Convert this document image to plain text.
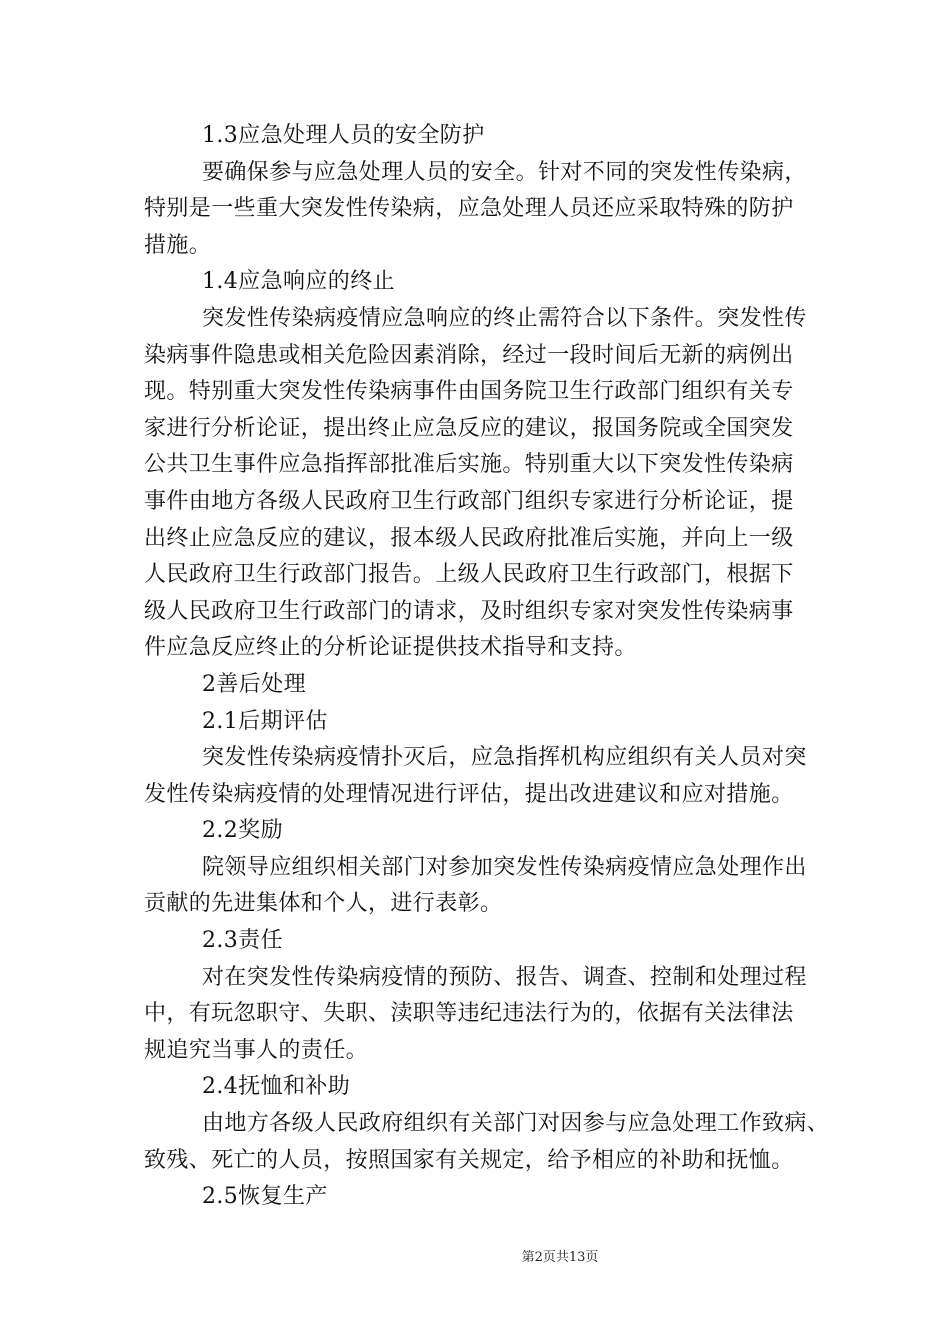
1.3应急处理人员的安全防护
要确保参与应急处理人员的安全。针对不同的突发性传染病，
特别是一些重大突发性传染病，应急处理人员还应采取特殊的防护
措施。
1.4应急响应的终止
突发性传染病疫情应急响应的终止需符合以下条件。突发性传
染病事件隐患或相关危险因素消除，经过一段时间后无新的病例出
现。特别重大突发性传染病事件由国务院卫生行政部门组织有关专
家进行分析论证，提出终止应急反应的建议，报国务院或全国突发
公共卫生事件应急指挥部批准后实施。特别重大以下突发性传染病
事件由地方各级人民政府卫生行政部门组织专家进行分析论证，提
出终止应急反应的建议，报本级人民政府批准后实施，并向上一级
人民政府卫生行政部门报告。上级人民政府卫生行政部门，根据下
级人民政府卫生行政部门的请求，及时组织专家对突发性传染病事
件应急反应终止的分析论证提供技术指导和支持。
2善后处理
2.1后期评估
突发性传染病疫情扑灭后，应急指挥机构应组织有关人员对突
发性传染病疫情的处理情况进行评估，提出改进建议和应对措施。
2.2奖励
院领导应组织相关部门对参加突发性传染病疫情应急处理作出
贡献的先进集体和个人，进行表彰。
2.3责任
对在突发性传染病疫情的预防、报告、调查、控制和处理过程
中，有玩忽职守、失职、渎职等违纪违法行为的，依据有关法律法
规追究当事人的责任。
2.4抚恤和补助
由地方各级人民政府组织有关部门对因参与应急处理工作致病、
致残、死亡的人员，按照国家有关规定，给予相应的补助和抚恤。
2.5恢复生产
第2页共13页
